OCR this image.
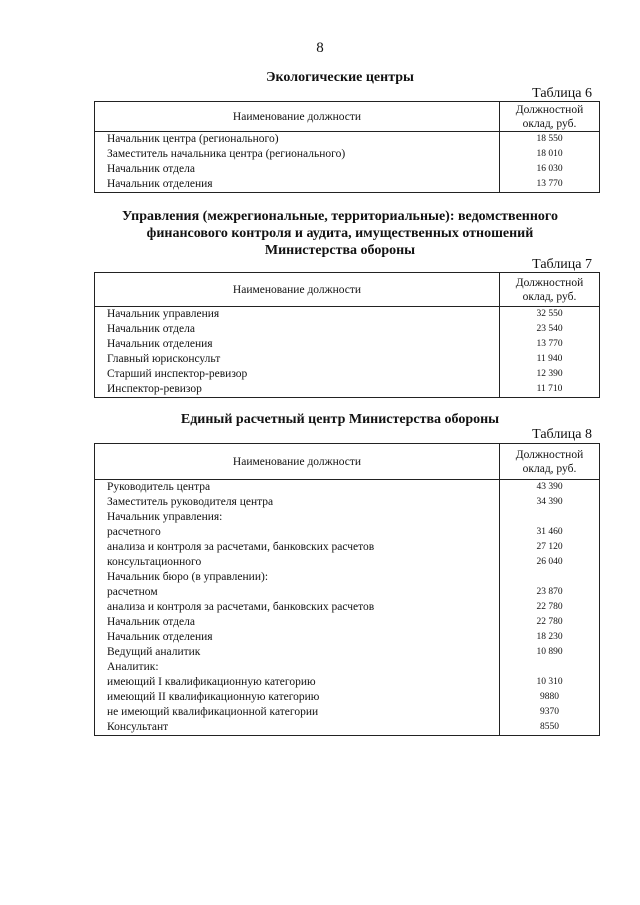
8
Экологические центры
Таблица 6
Наименование должности	Должностной
оклад, руб.

Начальник центра (регионального)	18 550

Заместитель начальника центра (регионального)	18 010

Начальник отдела	16 030

Начальник отделения	13 770
Управления (межрегиональные, территориальные): ведомственного
финансового контроля и аудита, имущественных отношений
Министерства обороны
Таблица 7
Наименование должности	Должностной
оклад, руб.

Начальник управления	32 550

Начальник отдела	23 540

Начальник отделения	13 770

Главный юрисконсульт	11 940

Старший инспектор-ревизор	12 390

Инспектор-ревизор	11 710
Единый расчетный центр Министерства обороны
Таблица 8
Наименование должности	Должностной
оклад, руб.

Руководитель центра	43 390

Заместитель руководителя центра	34 390

Начальник управления:	

расчетного	31 460

анализа и контроля за расчетами, банковских расчетов	27 120

консультационного	26 040

Начальник бюро (в управлении):	

расчетном	23 870

анализа и контроля за расчетами, банковских расчетов	22 780

Начальник отдела	22 780

Начальник отделения	18 230

Ведущий аналитик	10 890

Аналитик:	

имеющий I квалификационную категорию	10 310

имеющий II квалификационную категорию	9880

не имеющий квалификационной категории	9370

Консультант	8550
